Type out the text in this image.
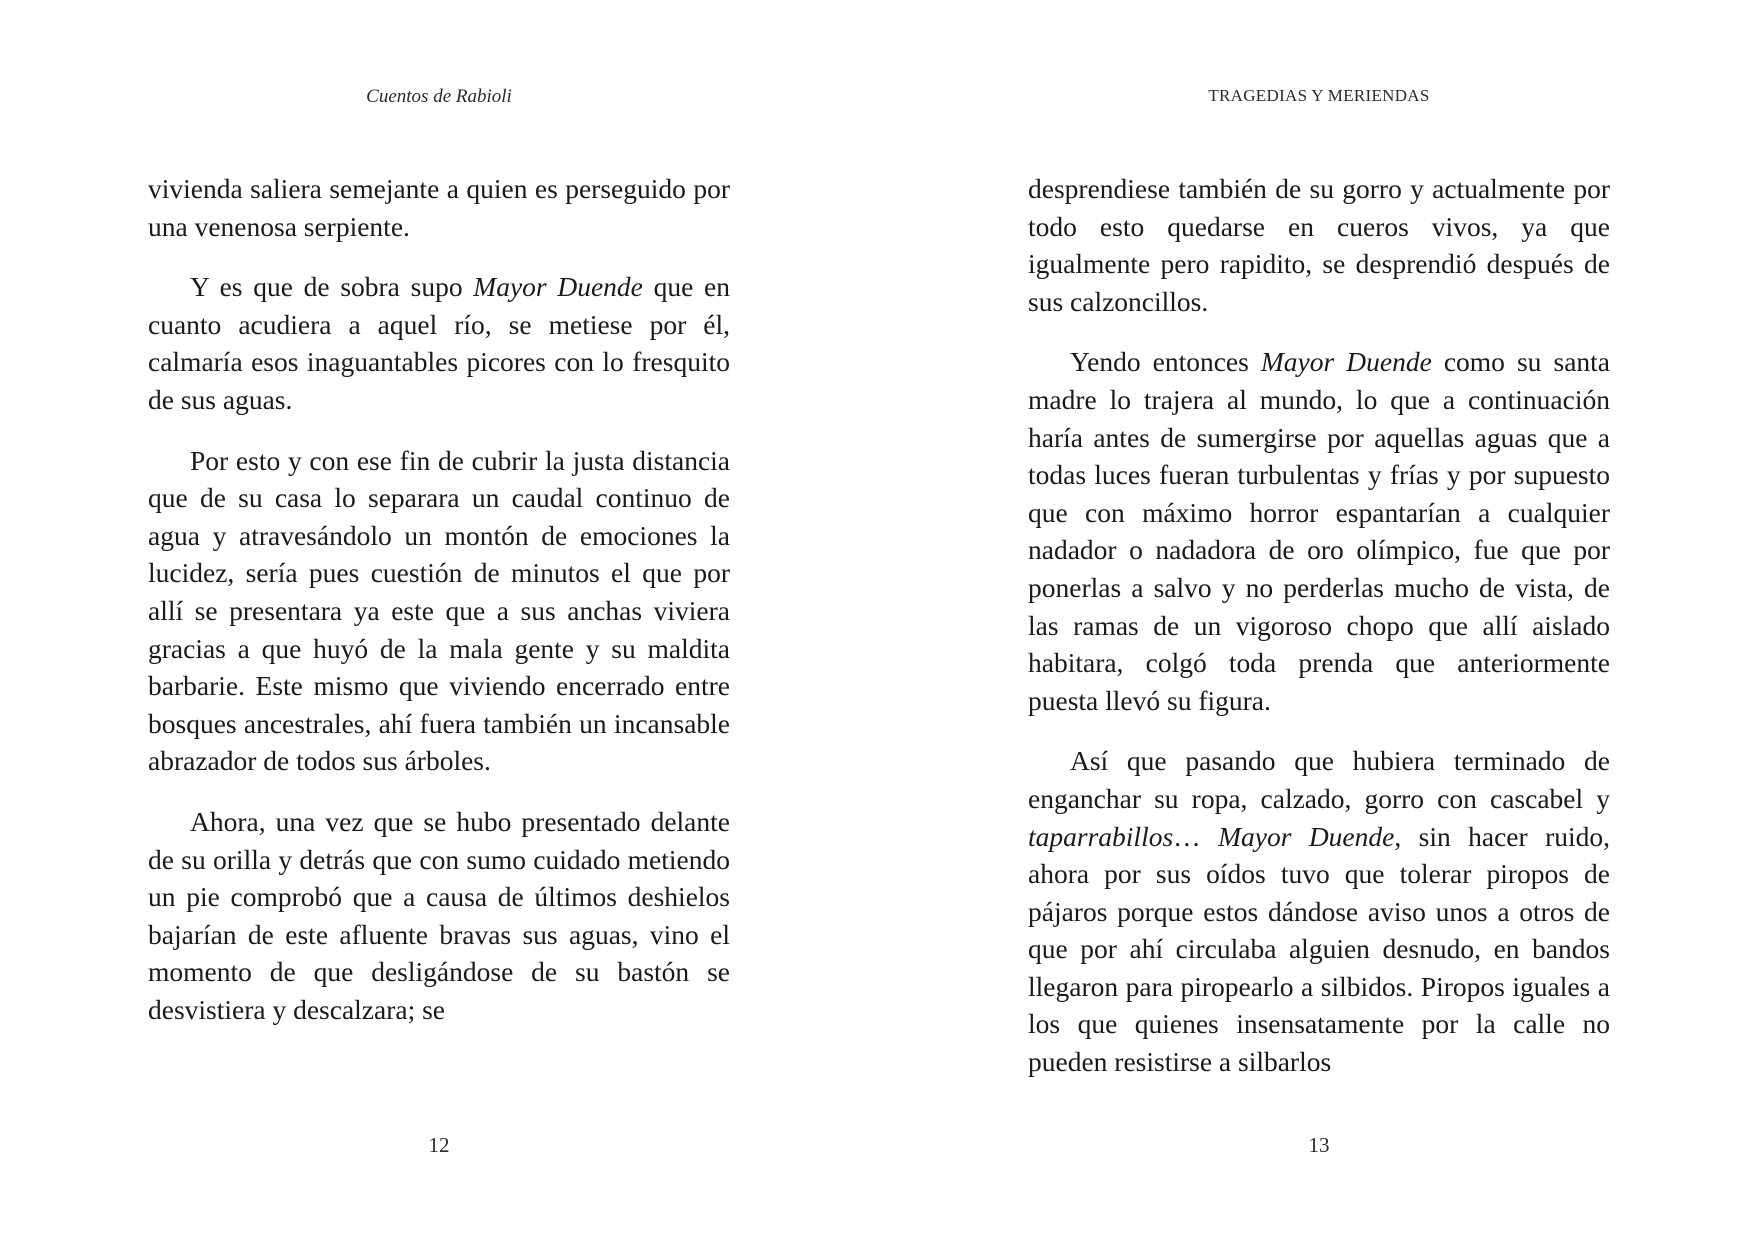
Cuentos de Rabioli

vivienda saliera semejante a quien es perseguido por una venenosa serpiente.

Y es que de sobra supo Mayor Duende que en cuanto acudiera a aquel río, se metiese por él, calmaría esos inaguantables picores con lo fresquito de sus aguas.

Por esto y con ese fin de cubrir la justa distancia que de su casa lo separara un caudal continuo de agua y atravesándolo un montón de emociones la lucidez, sería pues cuestión de minutos el que por allí se presentara ya este que a sus anchas viviera gracias a que huyó de la mala gente y su maldita barbarie. Este mismo que viviendo encerrado entre bosques ancestrales, ahí fuera también un incansable abrazador de todos sus árboles.

Ahora, una vez que se hubo presentado delante de su orilla y detrás que con sumo cuidado metiendo un pie comprobó que a causa de últimos deshielos bajarían de este afluente bravas sus aguas, vino el momento de que desligándose de su bastón se desvistiera y descalzara; se

12
TRAGEDIAS Y MERIENDAS

desprendiese también de su gorro y actualmente por todo esto quedarse en cueros vivos, ya que igualmente pero rapidito, se desprendió después de sus calzoncillos.

Yendo entonces Mayor Duende como su santa madre lo trajera al mundo, lo que a continuación haría antes de sumergirse por aquellas aguas que a todas luces fueran turbulentas y frías y por supuesto que con máximo horror espantarían a cualquier nadador o nadadora de oro olímpico, fue que por ponerlas a salvo y no perderlas mucho de vista, de las ramas de un vigoroso chopo que allí aislado habitara, colgó toda prenda que anteriormente puesta llevó su figura.

Así que pasando que hubiera terminado de enganchar su ropa, calzado, gorro con cascabel y taparrabillos… Mayor Duende, sin hacer ruido, ahora por sus oídos tuvo que tolerar piropos de pájaros porque estos dándose aviso unos a otros de que por ahí circulaba alguien desnudo, en bandos llegaron para piropearlo a silbidos. Piropos iguales a los que quienes insensatamente por la calle no pueden resistirse a silbarlos

13
